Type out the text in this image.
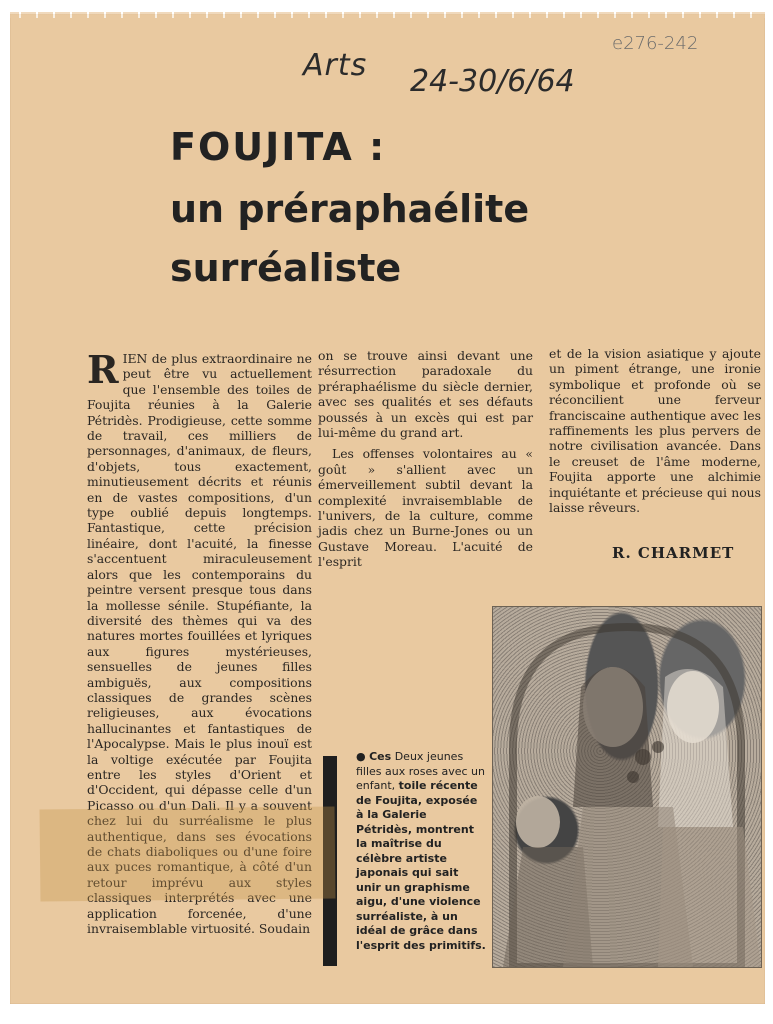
Arts 24-30/6/64
e276-242
FOUJITA :
un préraphaélite
surréaliste
R IEN de plus extraordinaire ne peut être vu actuellement que l'ensemble des toiles de Foujita réunies à la Galerie Pétridès. Prodigieuse, cette somme de travail, ces milliers de personnages, d'animaux, de fleurs, d'objets, tous exactement, minutieusement décrits et réunis en de vastes compositions, d'un type oublié depuis longtemps. Fantastique, cette précision linéaire, dont l'acuité, la finesse s'accentuent miraculeusement alors que les contemporains du peintre versent presque tous dans la mollesse sénile. Stupéfiante, la diversité des thèmes qui va des natures mortes fouillées et lyriques aux figures mystérieuses, sensuelles de jeunes filles ambiguës, aux compositions classiques de grandes scènes religieuses, aux évocations hallucinantes et fantastiques de l'Apocalypse. Mais le plus inouï est la voltige exécutée par Foujita entre les styles d'Orient et d'Occident, qui dépasse celle d'un Picasso ou d'un Dali. Il y a souvent chez lui du surréalisme le plus authentique, dans ses évocations de chats diaboliques ou d'une foire aux puces romantique, à côté d'un retour imprévu aux styles classiques interprétés avec une application forcenée, d'une invraisemblable virtuosité. Soudain

on se trouve ainsi devant une résurrection paradoxale du préraphaélisme du siècle dernier, avec ses qualités et ses défauts poussés à un excès qui est par lui-même du grand art.

Les offenses volontaires au « goût » s'allient avec un émerveillement subtil devant la complexité invraisemblable de l'univers, de la culture, comme jadis chez un Burne-Jones ou un Gustave Moreau. L'acuité de l'esprit

et de la vision asiatique y ajoute un piment étrange, une ironie symbolique et profonde où se réconcilient une ferveur franciscaine authentique avec les raffinements les plus pervers de notre civilisation avancée. Dans le creuset de l'âme moderne, Foujita apporte une alchimie inquiétante et précieuse qui nous laisse rêveurs.

R. CHARMET
● Ces Deux jeunes filles aux roses avec un enfant, toile récente de Foujita, exposée à la Galerie Pétridès, montrent la maîtrise du célèbre artiste japonais qui sait unir un graphisme aigu, d'une violence surréaliste, à un idéal de grâce dans l'esprit des primitifs.
